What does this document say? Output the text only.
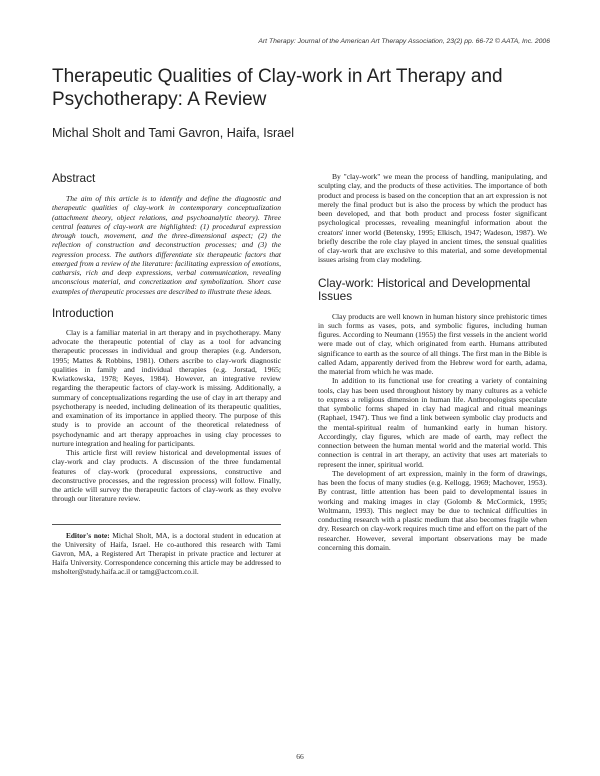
Art Therapy: Journal of the American Art Therapy Association, 23(2) pp. 66-72 © AATA, Inc. 2006
Therapeutic Qualities of Clay-work in Art Therapy and Psychotherapy: A Review
Michal Sholt and Tami Gavron, Haifa, Israel
Abstract

The aim of this article is to identify and define the diagnostic and therapeutic qualities of clay-work in contemporary conceptualization (attachment theory, object relations, and psychoanalytic theory). Three central features of clay-work are highlighted: (1) procedural expression through touch, movement, and the three-dimensional aspect; (2) the reflection of construction and deconstruction processes; and (3) the regression process. The authors differentiate six therapeutic factors that emerged from a review of the literature: facilitating expression of emotions, catharsis, rich and deep expressions, verbal communication, revealing unconscious material, and concretization and symbolization. Short case examples of therapeutic processes are described to illustrate these ideas.

Introduction

Clay is a familiar material in art therapy and in psychotherapy. Many advocate the therapeutic potential of clay as a tool for advancing therapeutic processes in individual and group therapies (e.g. Anderson, 1995; Mattes & Robbins, 1981). Others ascribe to clay-work diagnostic qualities in family and individual therapies (e.g. Jorstad, 1965; Kwiatkowska, 1978; Keyes, 1984). However, an integrative review regarding the therapeutic factors of clay-work is missing. Additionally, a summary of conceptualizations regarding the use of clay in art therapy and psychotherapy is needed, including delineation of its therapeutic qualities, and examination of its importance in applied theory. The purpose of this study is to provide an account of the theoretical relatedness of psychodynamic and art therapy approaches in using clay processes to nurture integration and healing for participants.

This article first will review historical and developmental issues of clay-work and clay products. A discussion of the three fundamental features of clay-work (procedural expressions, constructive and deconstructive processes, and the regression process) will follow. Finally, the article will survey the therapeutic factors of clay-work as they evolve through our literature review.

Editor's note: Michal Sholt, MA, is a doctoral student in education at the University of Haifa, Israel. He co-authored this research with Tami Gavron, MA, a Registered Art Therapist in private practice and lecturer at Haifa University. Correspondence concerning this article may be addressed to msholter@study.haifa.ac.il or tamg@actcom.co.il.

By "clay-work" we mean the process of handling, manipulating, and sculpting clay, and the products of these activities. The importance of both product and process is based on the conception that an art expression is not merely the final product but is also the process by which the product has been developed, and that both product and process foster significant psychological processes, revealing meaningful information about the creators' inner world (Betensky, 1995; Elkisch, 1947; Wadeson, 1987). We briefly describe the role clay played in ancient times, the sensual qualities of clay-work that are exclusive to this material, and some developmental issues arising from clay modeling.

Clay-work: Historical and Developmental Issues

Clay products are well known in human history since prehistoric times in such forms as vases, pots, and symbolic figures, including human figures. According to Neumann (1955) the first vessels in the ancient world were made out of clay, which originated from earth. Humans attributed significance to earth as the source of all things. The first man in the Bible is called Adam, apparently derived from the Hebrew word for earth, adama, the material from which he was made.

In addition to its functional use for creating a variety of containing tools, clay has been used throughout history by many cultures as a vehicle to express a religious dimension in human life. Anthropologists speculate that symbolic forms shaped in clay had magical and ritual meanings (Raphael, 1947). Thus we find a link between symbolic clay products and the mental-spiritual realm of humankind early in human history. Accordingly, clay figures, which are made of earth, may reflect the connection between the human mental world and the material world. This connection is central in art therapy, an activity that uses art materials to represent the inner, spiritual world.

The development of art expression, mainly in the form of drawings, has been the focus of many studies (e.g. Kellogg, 1969; Machover, 1953). By contrast, little attention has been paid to developmental issues in working and making images in clay (Golomb & McCormick, 1995; Woltmann, 1993). This neglect may be due to technical difficulties in conducting research with a plastic medium that also becomes fragile when dry. Research on clay-work requires much time and effort on the part of the researcher. However, several important observations may be made concerning this domain.

66
